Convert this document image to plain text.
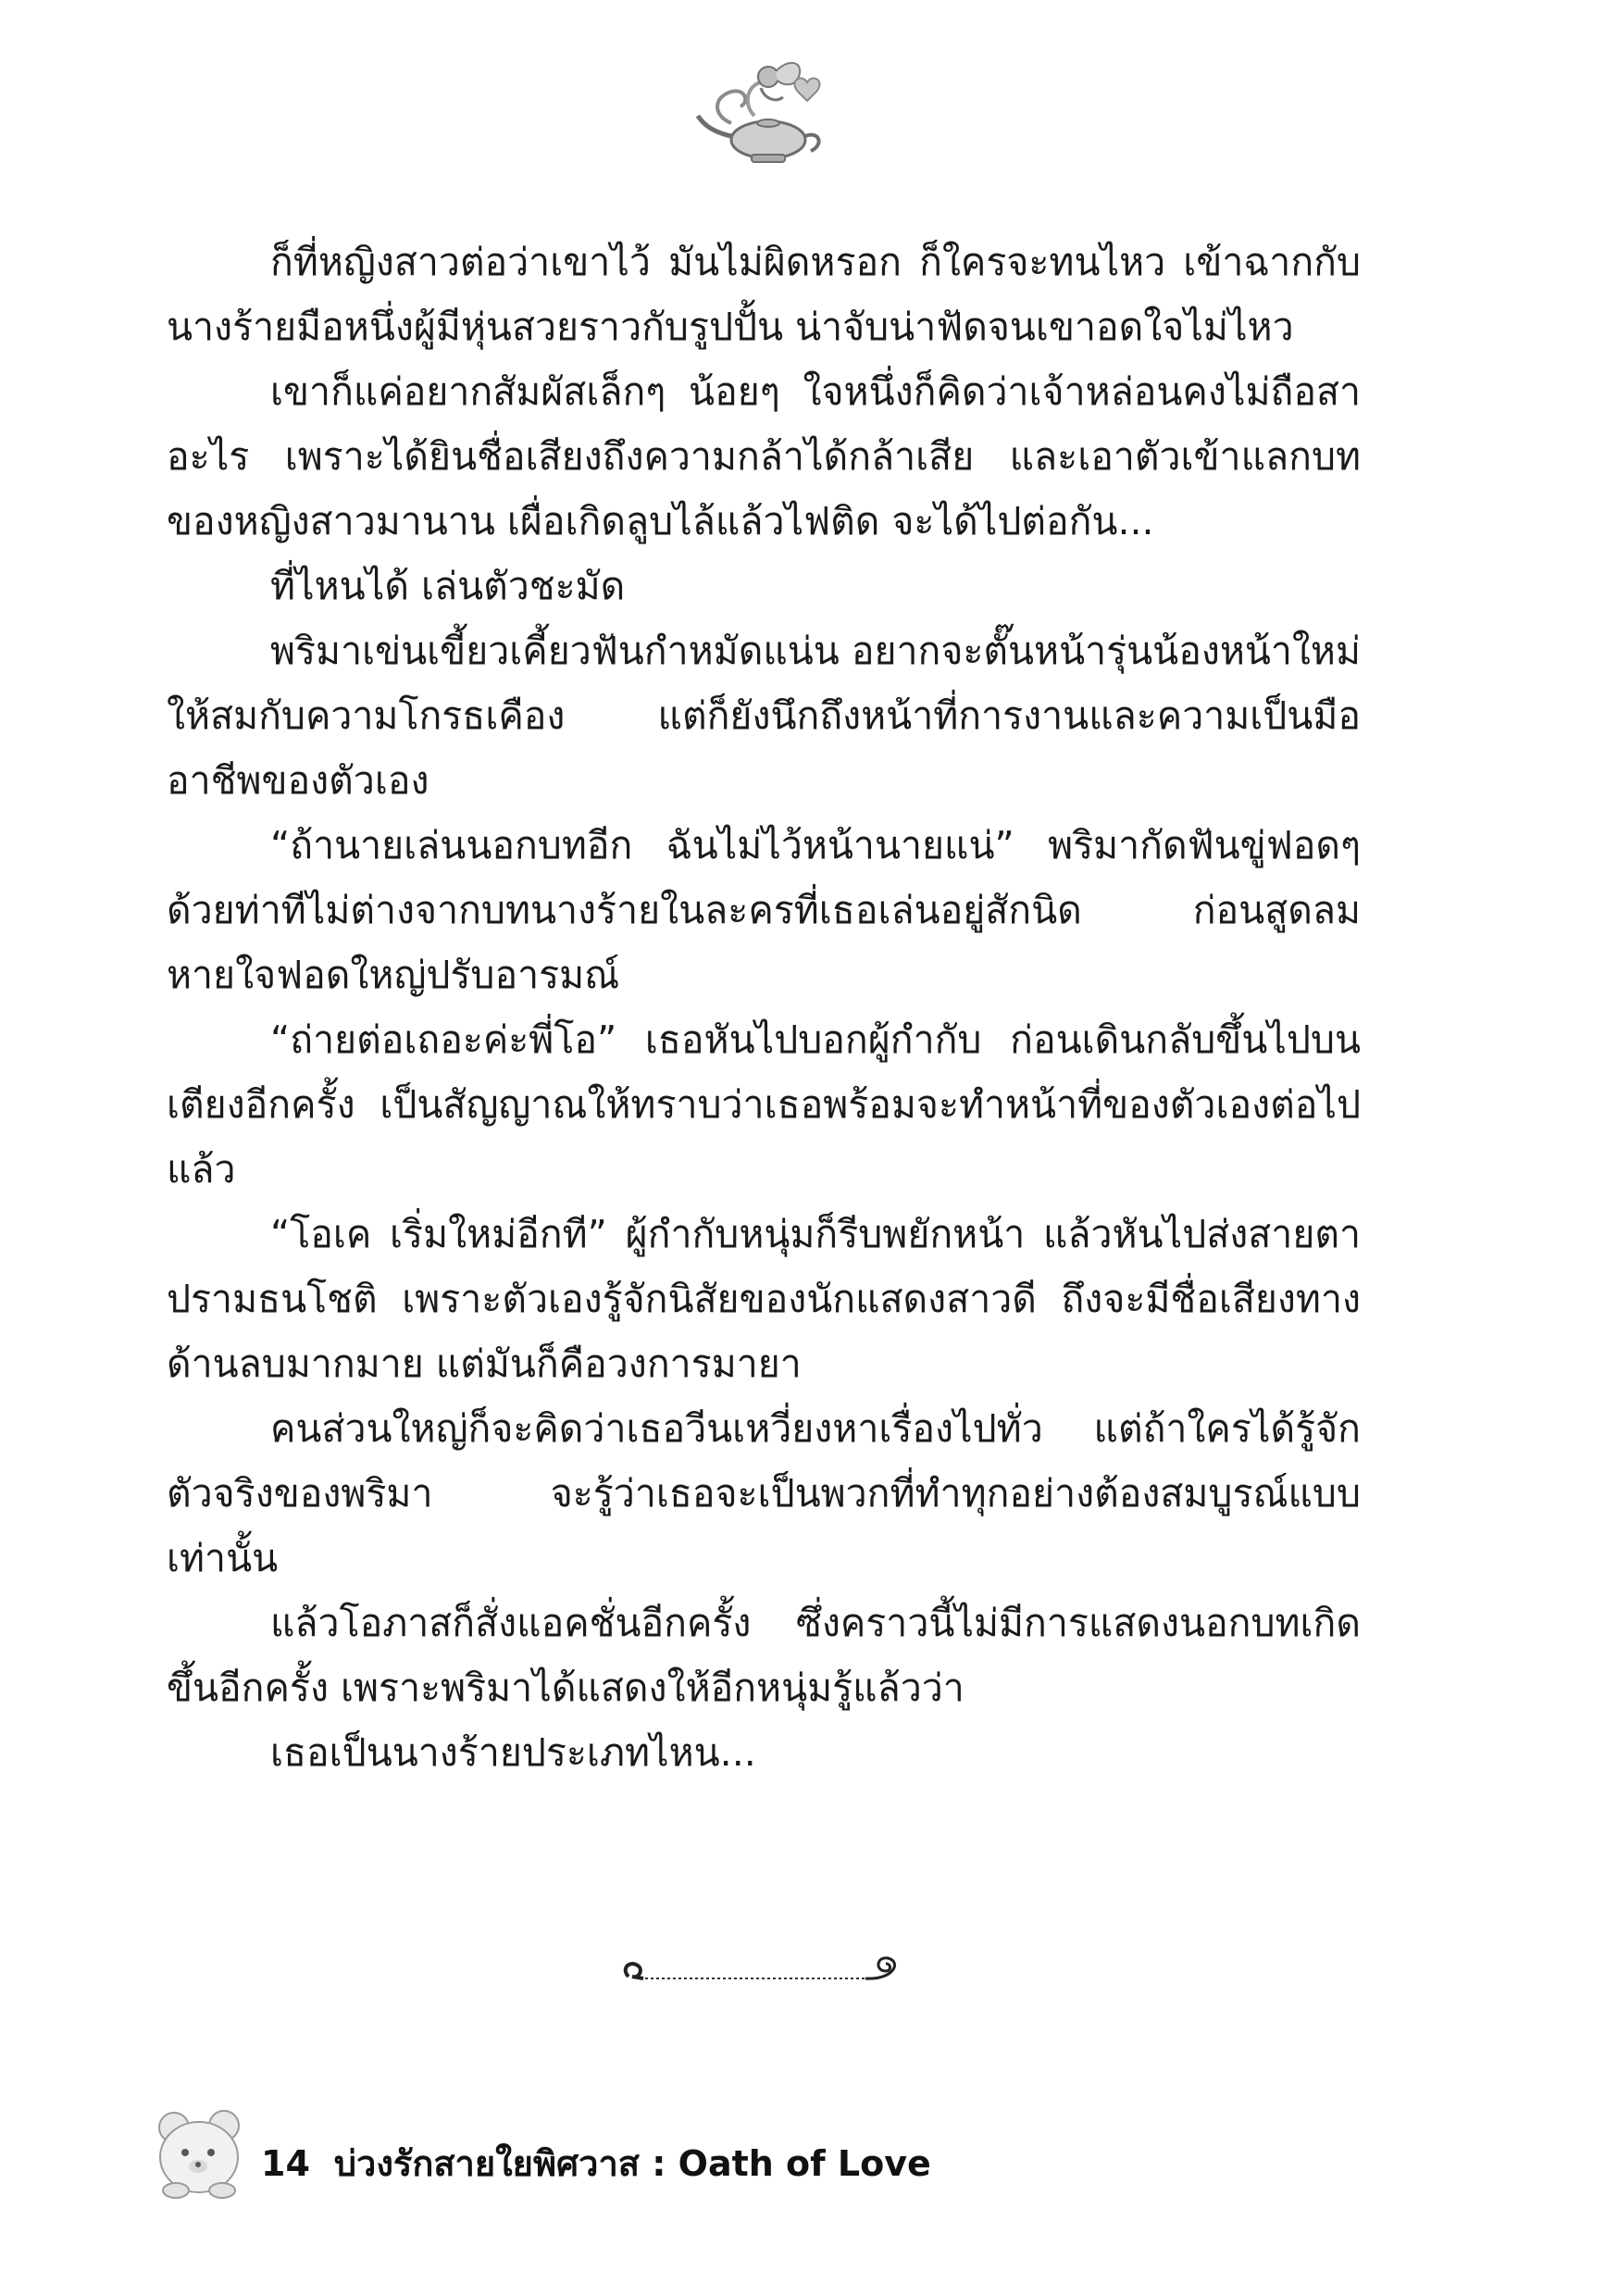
ก็ที่หญิงสาวต่อว่าเขาไว้ มันไม่ผิดหรอก ก็ใครจะทนไหว เข้าฉากกับนางร้ายมือหนึ่งผู้มีหุ่นสวยราวกับรูปปั้น น่าจับน่าฟัดจนเขาอดใจไม่ไหว

เขาก็แค่อยากสัมผัสเล็กๆ น้อยๆ ใจหนึ่งก็คิดว่าเจ้าหล่อนคงไม่ถือสาอะไร เพราะได้ยินชื่อเสียงถึงความกล้าได้กล้าเสีย และเอาตัวเข้าแลกบทของหญิงสาวมานาน เผื่อเกิดลูบไล้แล้วไฟติด จะได้ไปต่อกัน...

ที่ไหนได้ เล่นตัวชะมัด

พริมาเข่นเขี้ยวเคี้ยวฟันกำหมัดแน่น อยากจะตั๊นหน้ารุ่นน้องหน้าใหม่ให้สมกับความโกรธเคือง แต่ก็ยังนึกถึงหน้าที่การงานและความเป็นมืออาชีพของตัวเอง

“ถ้านายเล่นนอกบทอีก ฉันไม่ไว้หน้านายแน่” พริมากัดฟันขู่ฟอดๆ ด้วยท่าทีไม่ต่างจากบทนางร้ายในละครที่เธอเล่นอยู่สักนิด ก่อนสูดลมหายใจฟอดใหญ่ปรับอารมณ์

“ถ่ายต่อเถอะค่ะพี่โอ” เธอหันไปบอกผู้กำกับ ก่อนเดินกลับขึ้นไปบนเตียงอีกครั้ง เป็นสัญญาณให้ทราบว่าเธอพร้อมจะทำหน้าที่ของตัวเองต่อไปแล้ว

“โอเค เริ่มใหม่อีกที” ผู้กำกับหนุ่มก็รีบพยักหน้า แล้วหันไปส่งสายตาปรามธนโชติ เพราะตัวเองรู้จักนิสัยของนักแสดงสาวดี ถึงจะมีชื่อเสียงทางด้านลบมากมาย แต่มันก็คือวงการมายา

คนส่วนใหญ่ก็จะคิดว่าเธอวีนเหวี่ยงหาเรื่องไปทั่ว แต่ถ้าใครได้รู้จักตัวจริงของพริมา จะรู้ว่าเธอจะเป็นพวกที่ทำทุกอย่างต้องสมบูรณ์แบบเท่านั้น

แล้วโอภาสก็สั่งแอคชั่นอีกครั้ง ซึ่งคราวนี้ไม่มีการแสดงนอกบทเกิดขึ้นอีกครั้ง เพราะพริมาได้แสดงให้อีกหนุ่มรู้แล้วว่า

เธอเป็นนางร้ายประเภทไหน...

14 บ่วงรักสายใยพิศวาส : Oath of Love
